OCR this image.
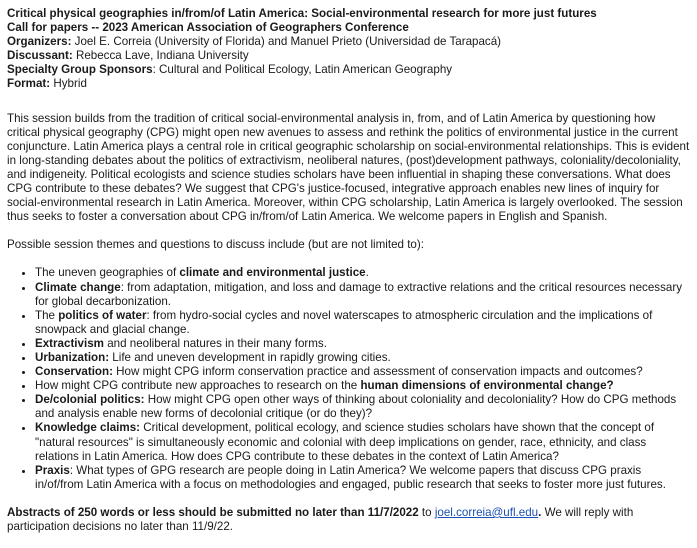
Critical physical geographies in/from/of Latin America: Social-environmental research for more just futures

Call for papers -- 2023 American Association of Geographers Conference

Organizers: Joel E. Correia (University of Florida) and Manuel Prieto (Universidad de Tarapacá)

Discussant: Rebecca Lave, Indiana University

Specialty Group Sponsors: Cultural and Political Ecology, Latin American Geography

Format: Hybrid

This session builds from the tradition of critical social-environmental analysis in, from, and of Latin America by questioning how critical physical geography (CPG) might open new avenues to assess and rethink the politics of environmental justice in the current conjuncture. Latin America plays a central role in critical geographic scholarship on social-environmental relationships. This is evident in long-standing debates about the politics of extractivism, neoliberal natures, (post)development pathways, coloniality/decoloniality, and indigeneity. Political ecologists and science studies scholars have been influential in shaping these conversations. What does CPG contribute to these debates? We suggest that CPG's justice-focused, integrative approach enables new lines of inquiry for social-environmental research in Latin America. Moreover, within CPG scholarship, Latin America is largely overlooked. The session thus seeks to foster a conversation about CPG in/from/of Latin America. We welcome papers in English and Spanish.

Possible session themes and questions to discuss include (but are not limited to):

• The uneven geographies of climate and environmental justice.
• Climate change: from adaptation, mitigation, and loss and damage to extractive relations and the critical resources necessary for global decarbonization.
• The politics of water: from hydro-social cycles and novel waterscapes to atmospheric circulation and the implications of snowpack and glacial change.
• Extractivism and neoliberal natures in their many forms.
• Urbanization: Life and uneven development in rapidly growing cities.
• Conservation: How might CPG inform conservation practice and assessment of conservation impacts and outcomes?
• How might CPG contribute new approaches to research on the human dimensions of environmental change?
• De/colonial politics: How might CPG open other ways of thinking about coloniality and decoloniality? How do CPG methods and analysis enable new forms of decolonial critique (or do they)?
• Knowledge claims: Critical development, political ecology, and science studies scholars have shown that the concept of "natural resources" is simultaneously economic and colonial with deep implications on gender, race, ethnicity, and class relations in Latin America. How does CPG contribute to these debates in the context of Latin America?
• Praxis: What types of GPG research are people doing in Latin America? We welcome papers that discuss CPG praxis in/of/from Latin America with a focus on methodologies and engaged, public research that seeks to foster more just futures.

Abstracts of 250 words or less should be submitted no later than 11/7/2022 to joel.correia@ufl.edu. We will reply with participation decisions no later than 11/9/22.
